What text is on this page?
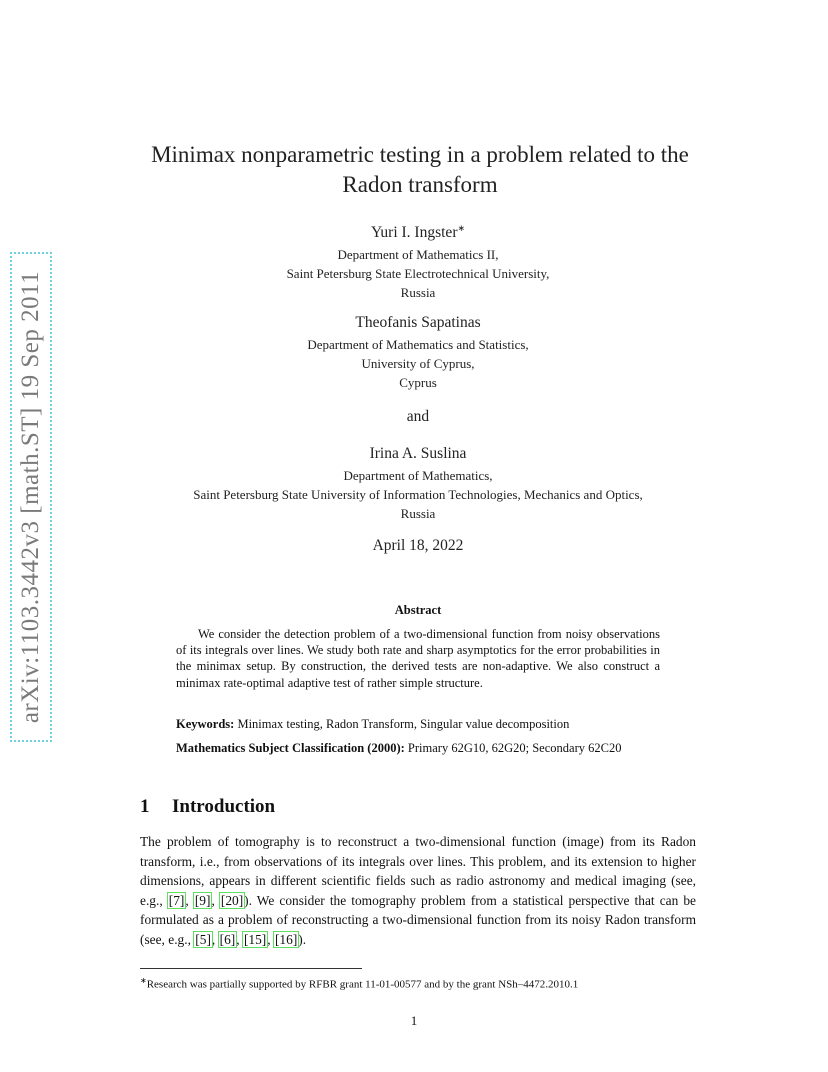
arXiv:1103.3442v3 [math.ST] 19 Sep 2011
Minimax nonparametric testing in a problem related to the
Radon transform
Yuri I. Ingster∗
Department of Mathematics II,
Saint Petersburg State Electrotechnical University,
Russia
Theofanis Sapatinas
Department of Mathematics and Statistics,
University of Cyprus,
Cyprus
and
Irina A. Suslina
Department of Mathematics,
Saint Petersburg State University of Information Technologies, Mechanics and Optics,
Russia
April 18, 2022
Abstract
We consider the detection problem of a two-dimensional function from noisy observations of its integrals over lines. We study both rate and sharp asymptotics for the error probabilities in the minimax setup. By construction, the derived tests are non-adaptive. We also construct a minimax rate-optimal adaptive test of rather simple structure.
Keywords: Minimax testing, Radon Transform, Singular value decomposition
Mathematics Subject Classification (2000): Primary 62G10, 62G20; Secondary 62C20
1 Introduction
The problem of tomography is to reconstruct a two-dimensional function (image) from its Radon transform, i.e., from observations of its integrals over lines. This problem, and its extension to higher dimensions, appears in different scientific fields such as radio astronomy and medical imaging (see, e.g., [7], [9], [20]). We consider the tomography problem from a statistical perspective that can be formulated as a problem of reconstructing a two-dimensional function from its noisy Radon transform (see, e.g., [5], [6], [15], [16]).
∗Research was partially supported by RFBR grant 11-01-00577 and by the grant NSh–4472.2010.1
1
